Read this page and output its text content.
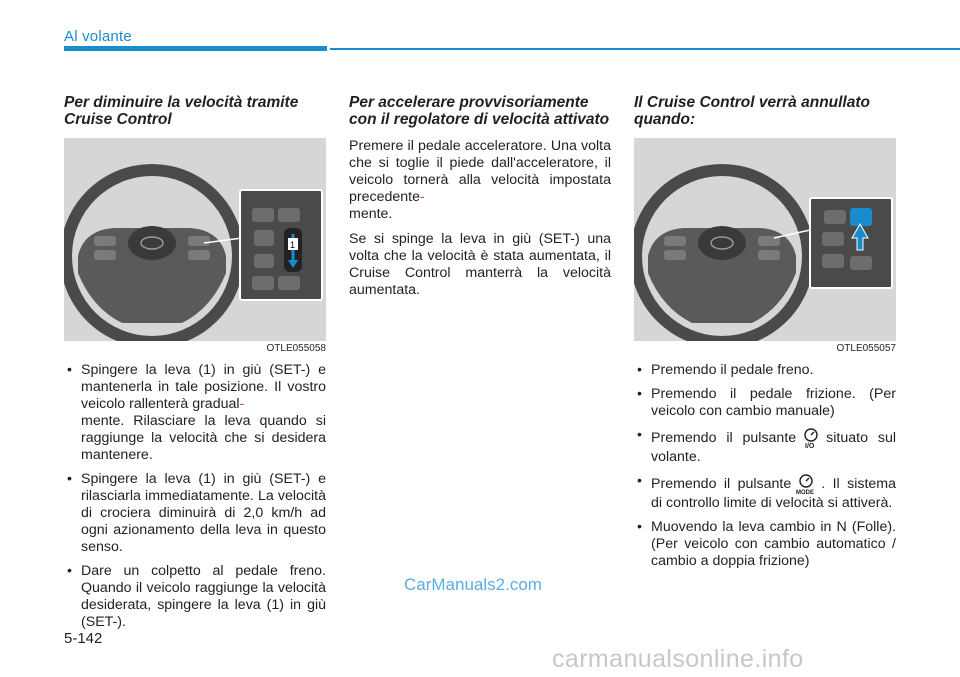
Al volante
Per diminuire la velocità tramite Cruise Control
1
OTLE055058
• Spingere la leva (1) in giù (SET-) e mantenerla in tale posizione. Il vostro veicolo rallenterà gradual-
mente. Rilasciare la leva quando si raggiunge la velocità che si desidera mantenere.
• Spingere la leva (1) in giù (SET-) e rilasciarla immediatamente. La velocità di crociera diminuirà di 2,0 km/h ad ogni azionamento della leva in questo senso.
• Dare un colpetto al pedale freno. Quando il veicolo raggiunge la velocità desiderata, spingere la leva (1) in giù (SET-).
Per accelerare provvisoriamente con il regolatore di velocità attivato

Premere il pedale acceleratore. Una volta che si toglie il piede dall'acceleratore, il veicolo tornerà alla velocità impostata precedente-
mente.

Se si spinge la leva in giù (SET-) una volta che la velocità è stata aumentata, il Cruise Control manterrà la velocità aumentata.

Il Cruise Control verrà annullato quando:
OTLE055057
• Premendo il pedale freno.
• Premendo il pedale frizione. (Per veicolo con cambio manuale)
• Premendo il pulsante
I/O
situato sul volante.
• Premendo il pulsante
MODE
. Il sistema di controllo limite di velocità si attiverà.
• Muovendo la leva cambio in N (Folle). (Per veicolo con cambio automatico / cambio a doppia frizione)
CarManuals2.com
5-142
carmanualsonline.info
